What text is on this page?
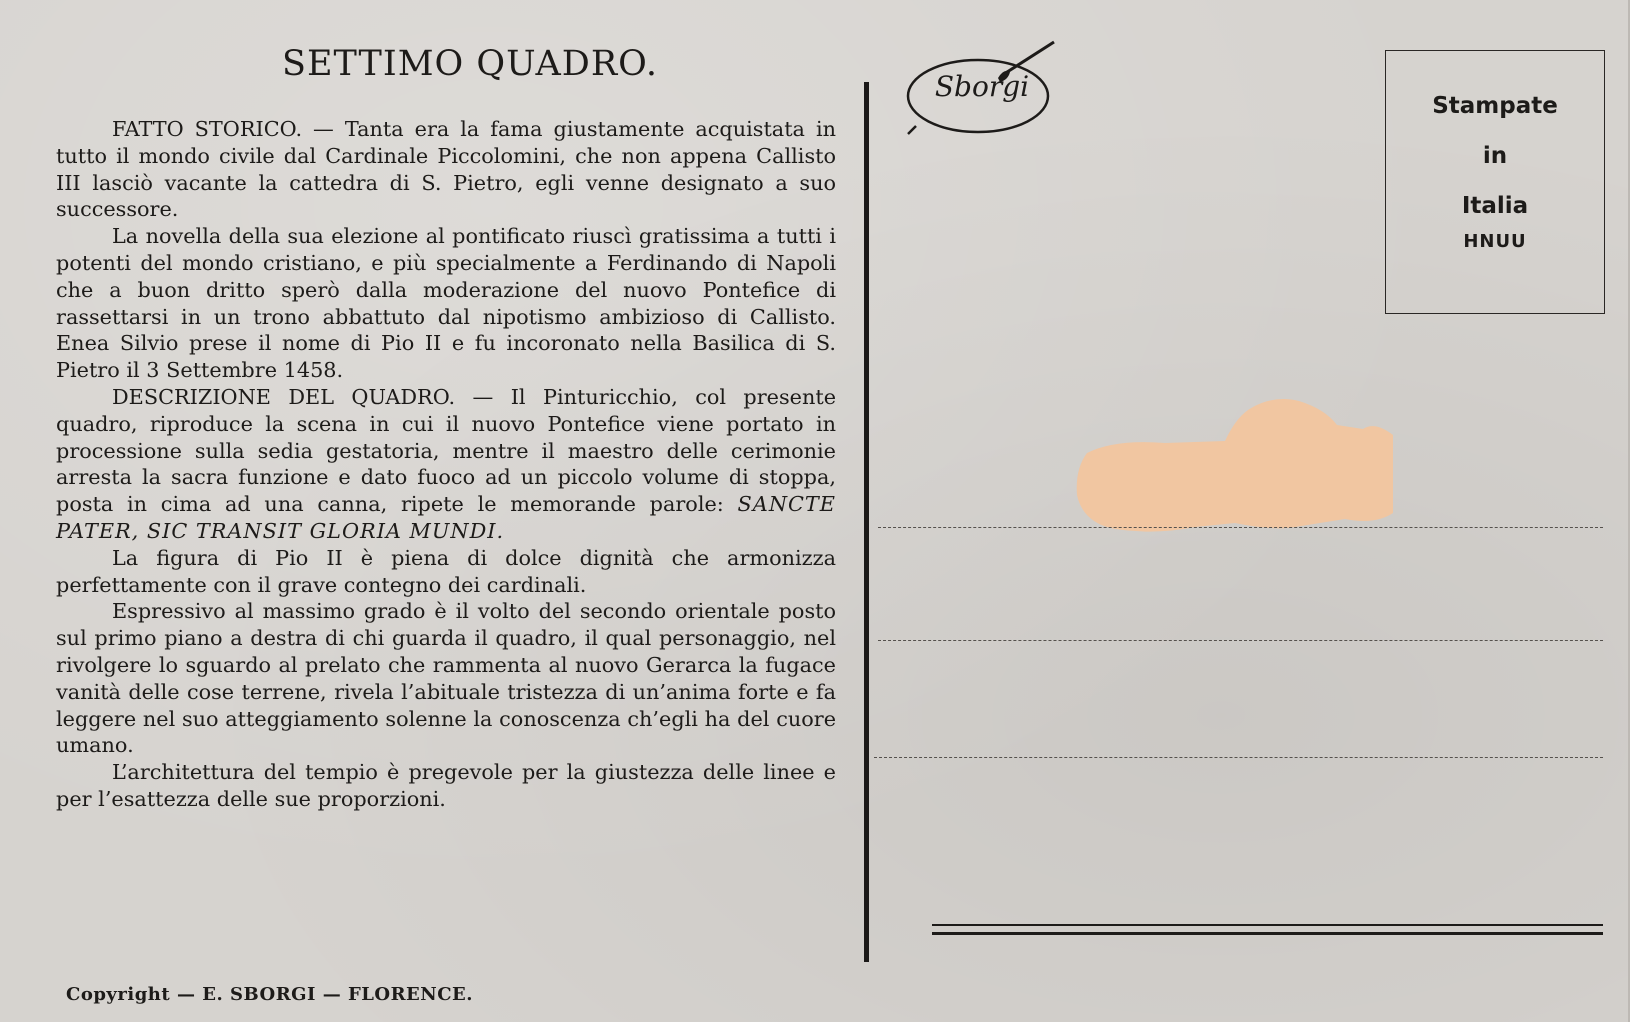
SETTIMO QUADRO.

FATTO STORICO. — Tanta era la fama giustamente acquistata in tutto il mondo civile dal Cardinale Piccolomini, che non appena Callisto III lasciò vacante la cattedra di S. Pietro, egli venne designato a suo successore.

La novella della sua elezione al pontificato riuscì gratissima a tutti i potenti del mondo cristiano, e più specialmente a Ferdinando di Napoli che a buon dritto sperò dalla moderazione del nuovo Pontefice di rassettarsi in un trono abbattuto dal nipotismo ambizioso di Callisto. Enea Silvio prese il nome di Pio II e fu incoronato nella Basilica di S. Pietro il 3 Settembre 1458.

DESCRIZIONE DEL QUADRO. — Il Pinturicchio, col presente quadro, riproduce la scena in cui il nuovo Pontefice viene portato in processione sulla sedia gestatoria, mentre il maestro delle cerimonie arresta la sacra funzione e dato fuoco ad un piccolo volume di stoppa, posta in cima ad una canna, ripete le memorande parole: SANCTE PATER, SIC TRANSIT GLORIA MUNDI.

La figura di Pio II è piena di dolce dignità che armonizza perfettamente con il grave contegno dei cardinali.

Espressivo al massimo grado è il volto del secondo orientale posto sul primo piano a destra di chi guarda il quadro, il qual personaggio, nel rivolgere lo sguardo al prelato che rammenta al nuovo Gerarca la fugace vanità delle cose terrene, rivela l’abituale tristezza di un’anima forte e fa leggere nel suo atteggiamento solenne la conoscenza ch’egli ha del cuore umano.

L’architettura del tempio è pregevole per la giustezza delle linee e per l’esattezza delle sue proporzioni.

Sborgi
Stampate
in
Italia
HNUU
Copyright — E. SBORGI — FLORENCE.
